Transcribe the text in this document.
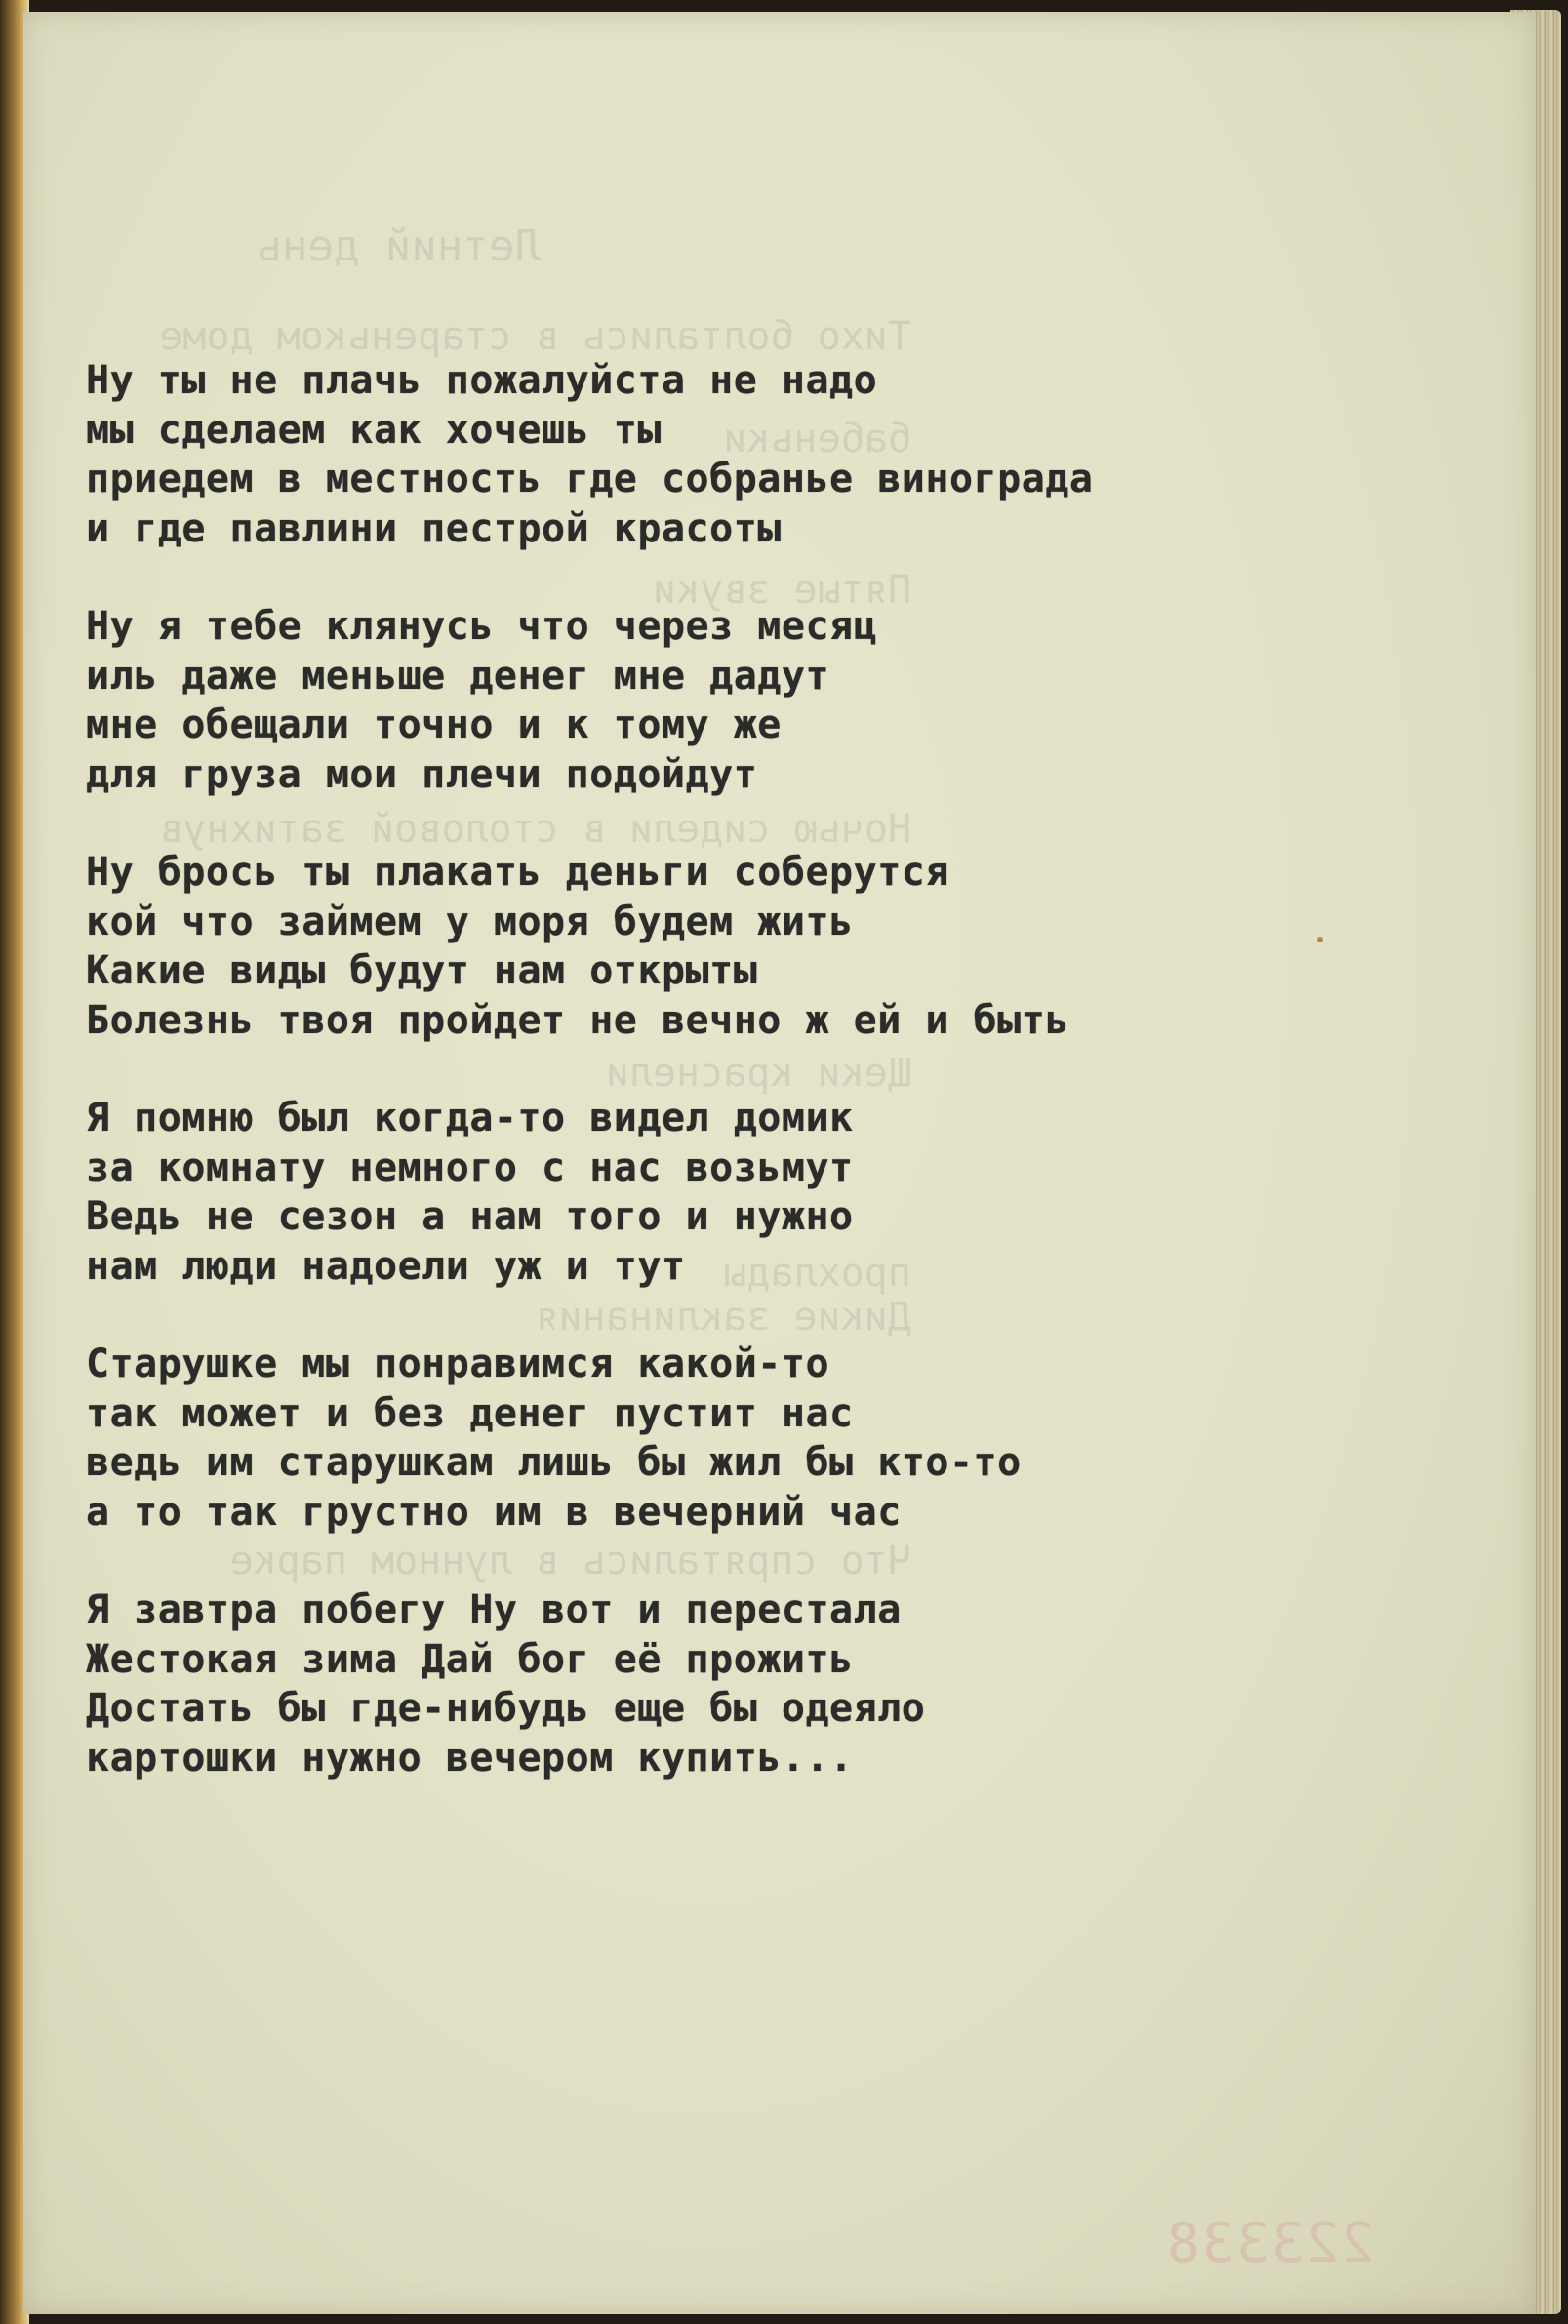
Летний день

Тихо болтались в стареньком доме

бабеньки

Пятые звуки

Ночью сидели в столовой затихнув

Щеки краснели

прохлады

Дикие заклинания

Что спрятались в лунном парке

Ну ты не плачь пожалуйста не надо
мы сделаем как хочешь ты
приедем в местность где собранье винограда
и где павлини пестрой красоты
Ну я тебе клянусь что через месяц
иль даже меньше денег мне дадут
мне обещали точно и к тому же
для груза мои плечи подойдут
Ну брось ты плакать деньги соберутся
кой что займем у моря будем жить
Какие виды будут нам открыты
Болезнь твоя пройдет не вечно ж ей и быть
Я помню был когда-то видел домик
за комнату немного с нас возьмут
Ведь не сезон а нам того и нужно
нам люди надоели уж и тут
Старушке мы понравимся какой-то
так может и без денег пустит нас
ведь им старушкам лишь бы жил бы кто-то
а то так грустно им в вечерний час
Я завтра побегу Ну вот и перестала
Жестокая зима Дай бог её прожить
Достать бы где-нибудь еще бы одеяло
картошки нужно вечером купить...
223338
